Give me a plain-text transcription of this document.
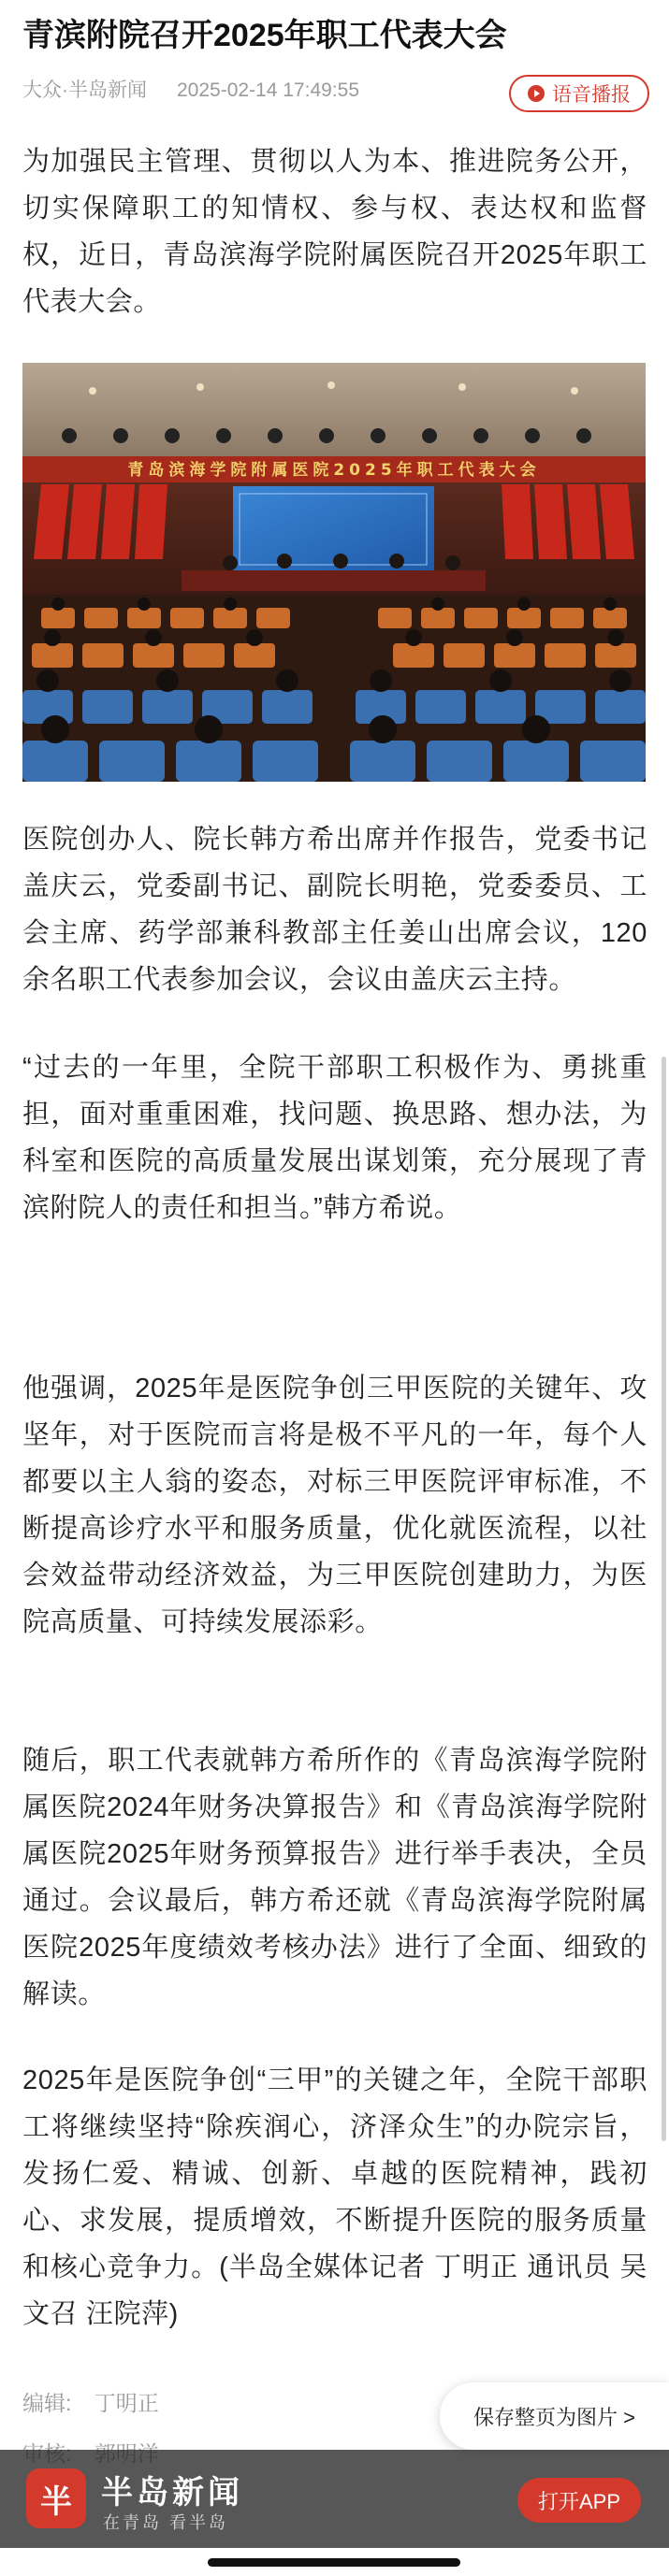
青滨附院召开2025年职工代表大会
大众·半岛新闻 2025-02-14 17:49:55	语音播报

为加强民主管理、贯彻以人为本、推进院务公开，切实保障职工的知情权、参与权、表达权和监督权，近日，青岛滨海学院附属医院召开2025年职工代表大会。

青岛滨海学院附属医院2025年职工代表大会

医院创办人、院长韩方希出席并作报告，党委书记盖庆云，党委副书记、副院长明艳，党委委员、工会主席、药学部兼科教部主任姜山出席会议，120余名职工代表参加会议，会议由盖庆云主持。

“过去的一年里，全院干部职工积极作为、勇挑重担，面对重重困难，找问题、换思路、想办法，为科室和医院的高质量发展出谋划策，充分展现了青滨附院人的责任和担当。”韩方希说。

他强调，2025年是医院争创三甲医院的关键年、攻坚年，对于医院而言将是极不平凡的一年，每个人都要以主人翁的姿态，对标三甲医院评审标准，不断提高诊疗水平和服务质量，优化就医流程，以社会效益带动经济效益，为三甲医院创建助力，为医院高质量、可持续发展添彩。

随后，职工代表就韩方希所作的《青岛滨海学院附属医院2024年财务决算报告》和《青岛滨海学院附属医院2025年财务预算报告》进行举手表决，全员通过。会议最后，韩方希还就《青岛滨海学院附属医院2025年度绩效考核办法》进行了全面、细致的解读。

2025年是医院争创“三甲”的关键之年，全院干部职工将继续坚持“除疾润心，济泽众生”的办院宗旨，发扬仁爱、精诚、创新、卓越的医院精神，践初心、求发展，提质增效，不断提升医院的服务质量和核心竞争力。(半岛全媒体记者 丁明正 通讯员 吴文召 汪院萍)

编辑: 丁明正
保存整页为图片 >
半 半岛新闻
在青岛 看半岛
打开APP
